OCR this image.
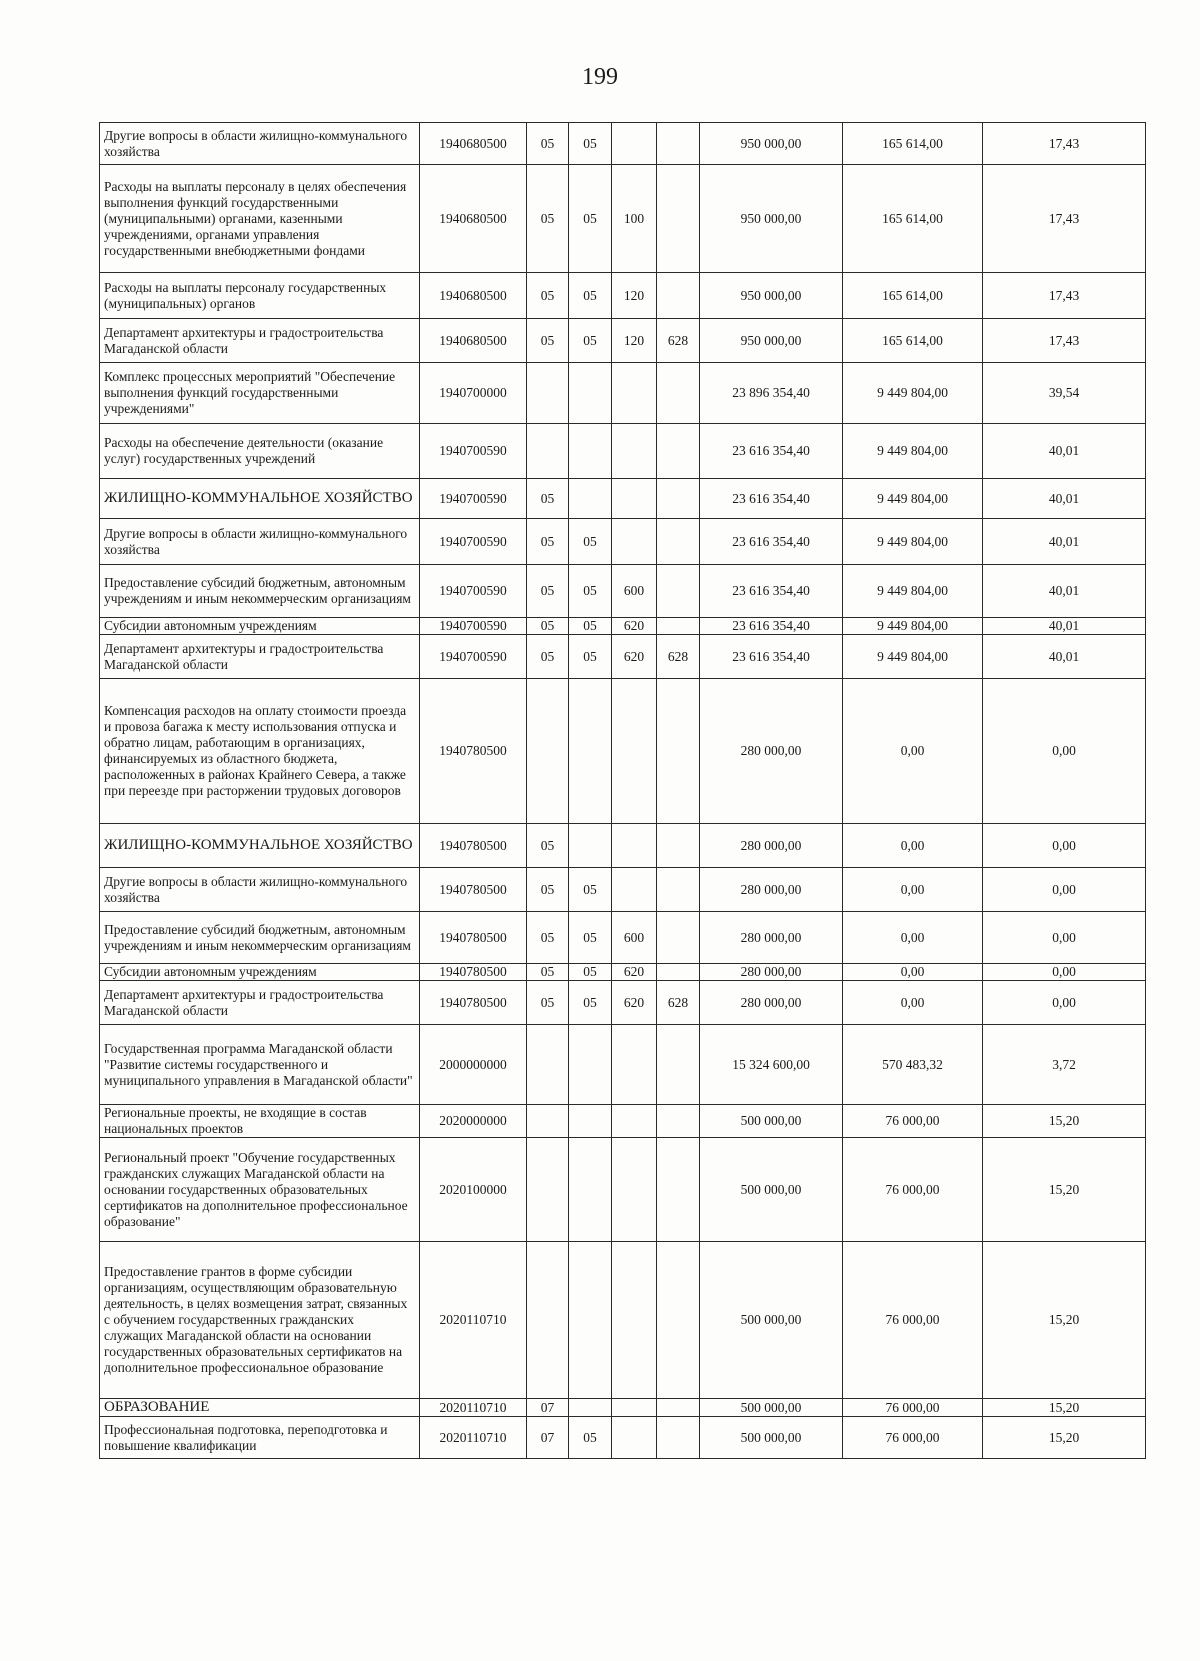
199
Другие вопросы в области жилищно-коммунального хозяйства	1940680500	05	05			950 000,00	165 614,00	17,43
Расходы на выплаты персоналу в целях обеспечения выполнения функций государственными (муниципальными) органами, казенными учреждениями, органами управления государственными внебюджетными фондами	1940680500	05	05	100		950 000,00	165 614,00	17,43
Расходы на выплаты персоналу государственных (муниципальных) органов	1940680500	05	05	120		950 000,00	165 614,00	17,43
Департамент архитектуры и градостроительства Магаданской области	1940680500	05	05	120	628	950 000,00	165 614,00	17,43
Комплекс процессных мероприятий "Обеспечение выполнения функций государственными учреждениями"	1940700000					23 896 354,40	9 449 804,00	39,54
Расходы на обеспечение деятельности (оказание услуг) государственных учреждений	1940700590					23 616 354,40	9 449 804,00	40,01
ЖИЛИЩНО-КОММУНАЛЬНОЕ ХОЗЯЙСТВО	1940700590	05				23 616 354,40	9 449 804,00	40,01
Другие вопросы в области жилищно-коммунального хозяйства	1940700590	05	05			23 616 354,40	9 449 804,00	40,01
Предоставление субсидий бюджетным, автономным учреждениям и иным некоммерческим организациям	1940700590	05	05	600		23 616 354,40	9 449 804,00	40,01
Субсидии автономным учреждениям	1940700590	05	05	620		23 616 354,40	9 449 804,00	40,01
Департамент архитектуры и градостроительства Магаданской области	1940700590	05	05	620	628	23 616 354,40	9 449 804,00	40,01
Компенсация расходов на оплату стоимости проезда и провоза багажа к месту использования отпуска и обратно лицам, работающим в организациях, финансируемых из областного бюджета, расположенных в районах Крайнего Севера, а также при переезде при расторжении трудовых договоров	1940780500					280 000,00	0,00	0,00
ЖИЛИЩНО-КОММУНАЛЬНОЕ ХОЗЯЙСТВО	1940780500	05				280 000,00	0,00	0,00
Другие вопросы в области жилищно-коммунального хозяйства	1940780500	05	05			280 000,00	0,00	0,00
Предоставление субсидий бюджетным, автономным учреждениям и иным некоммерческим организациям	1940780500	05	05	600		280 000,00	0,00	0,00
Субсидии автономным учреждениям	1940780500	05	05	620		280 000,00	0,00	0,00
Департамент архитектуры и градостроительства Магаданской области	1940780500	05	05	620	628	280 000,00	0,00	0,00
Государственная программа Магаданской области "Развитие системы государственного и муниципального управления в Магаданской области"	2000000000					15 324 600,00	570 483,32	3,72
Региональные проекты, не входящие в состав национальных проектов	2020000000					500 000,00	76 000,00	15,20
Региональный проект "Обучение государственных гражданских служащих Магаданской области на основании государственных образовательных сертификатов на дополнительное профессиональное образование"	2020100000					500 000,00	76 000,00	15,20
Предоставление грантов в форме субсидии организациям, осуществляющим образовательную деятельность, в целях возмещения затрат, связанных с обучением государственных гражданских служащих Магаданской области на основании государственных образовательных сертификатов на дополнительное профессиональное образование	2020110710					500 000,00	76 000,00	15,20
ОБРАЗОВАНИЕ	2020110710	07				500 000,00	76 000,00	15,20
Профессиональная подготовка, переподготовка и повышение квалификации	2020110710	07	05			500 000,00	76 000,00	15,20
